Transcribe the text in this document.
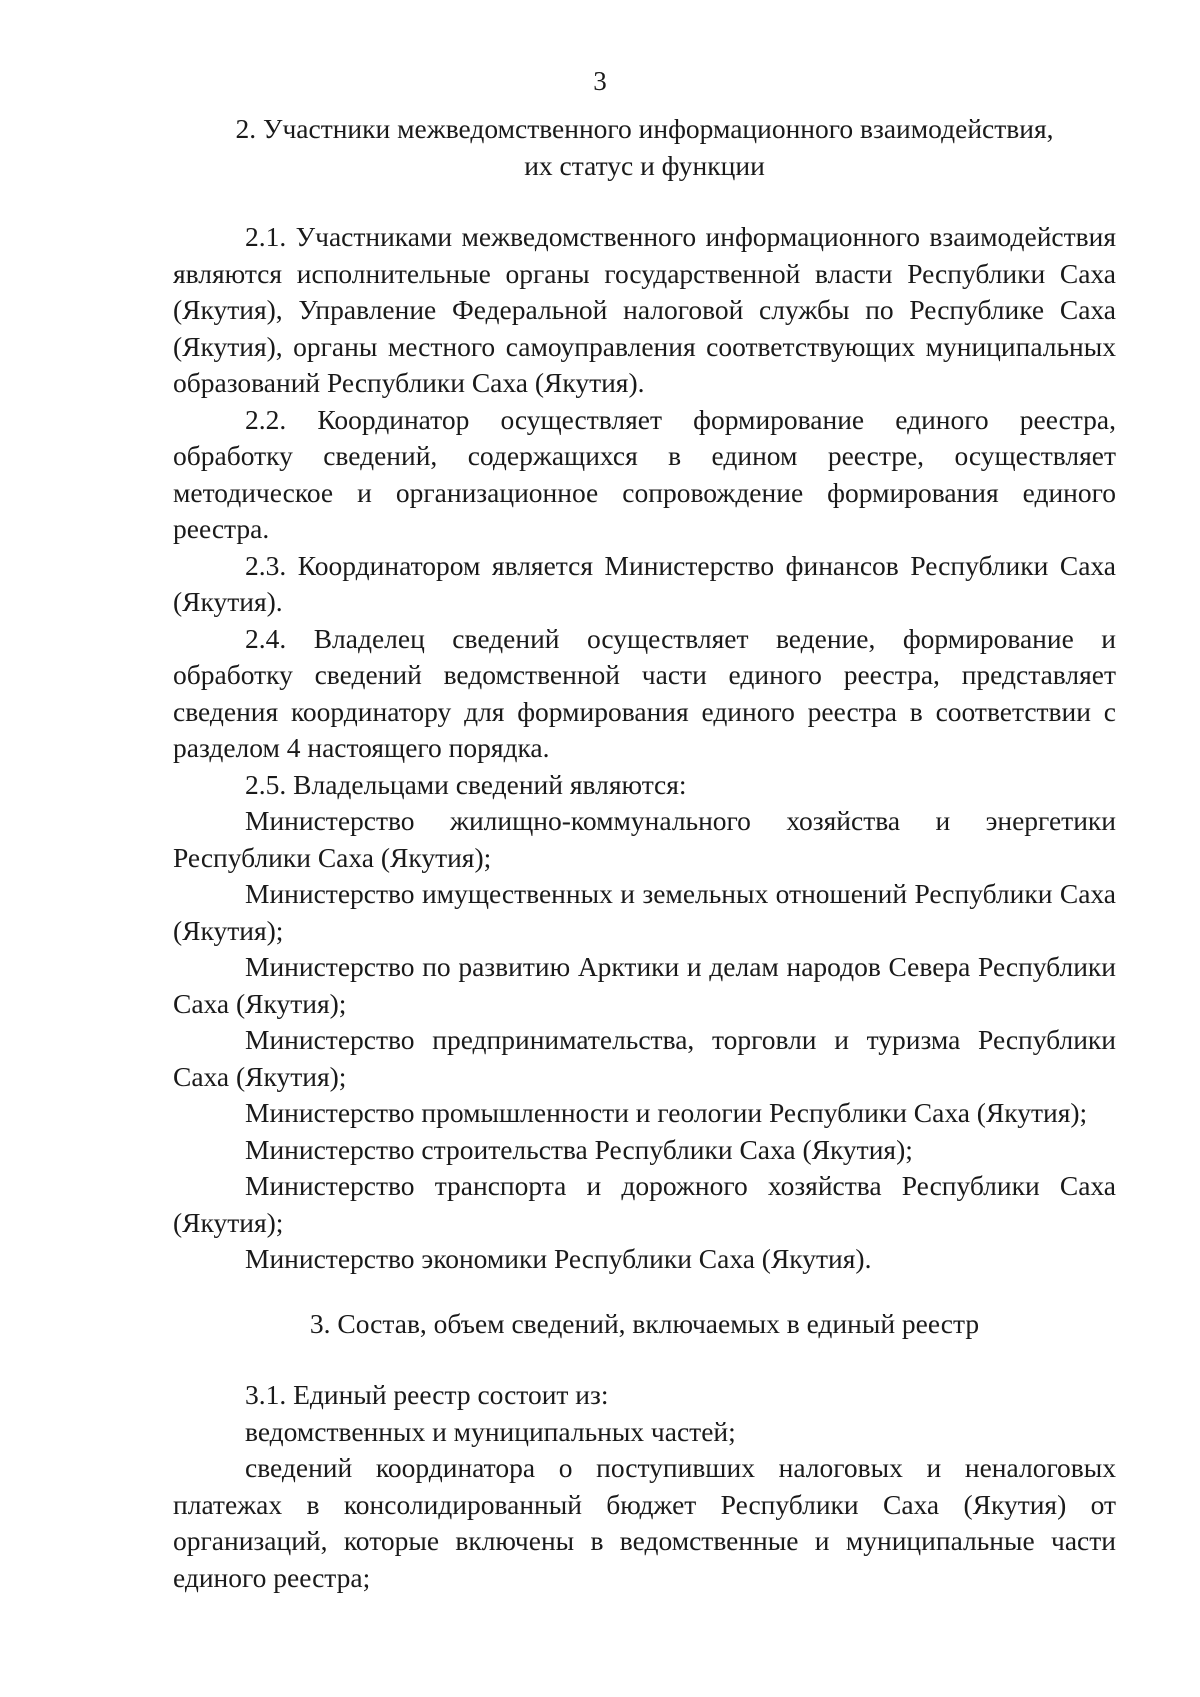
3

2. Участники межведомственного информационного взаимодействия,

их статус и функции

2.1. Участниками межведомственного информационного взаимодействия являются исполнительные органы государственной власти Республики Саха (Якутия), Управление Федеральной налоговой службы по Республике Саха (Якутия), органы местного самоуправления соответствующих муниципальных образований Республики Саха (Якутия).

2.2. Координатор осуществляет формирование единого реестра, обработку сведений, содержащихся в едином реестре, осуществляет методическое и организационное сопровождение формирования единого реестра.

2.3. Координатором является Министерство финансов Республики Саха (Якутия).

2.4. Владелец сведений осуществляет ведение, формирование и обработку сведений ведомственной части единого реестра, представляет сведения координатору для формирования единого реестра в соответствии с разделом 4 настоящего порядка.

2.5. Владельцами сведений являются:

Министерство жилищно-коммунального хозяйства и энергетики Республики Саха (Якутия);

Министерство имущественных и земельных отношений Республики Саха (Якутия);

Министерство по развитию Арктики и делам народов Севера Республики Саха (Якутия);

Министерство предпринимательства, торговли и туризма Республики Саха (Якутия);

Министерство промышленности и геологии Республики Саха (Якутия);

Министерство строительства Республики Саха (Якутия);

Министерство транспорта и дорожного хозяйства Республики Саха (Якутия);

Министерство экономики Республики Саха (Якутия).

3. Состав, объем сведений, включаемых в единый реестр

3.1. Единый реестр состоит из:

ведомственных и муниципальных частей;

сведений координатора о поступивших налоговых и неналоговых платежах в консолидированный бюджет Республики Саха (Якутия) от организаций, которые включены в ведомственные и муниципальные части единого реестра;
